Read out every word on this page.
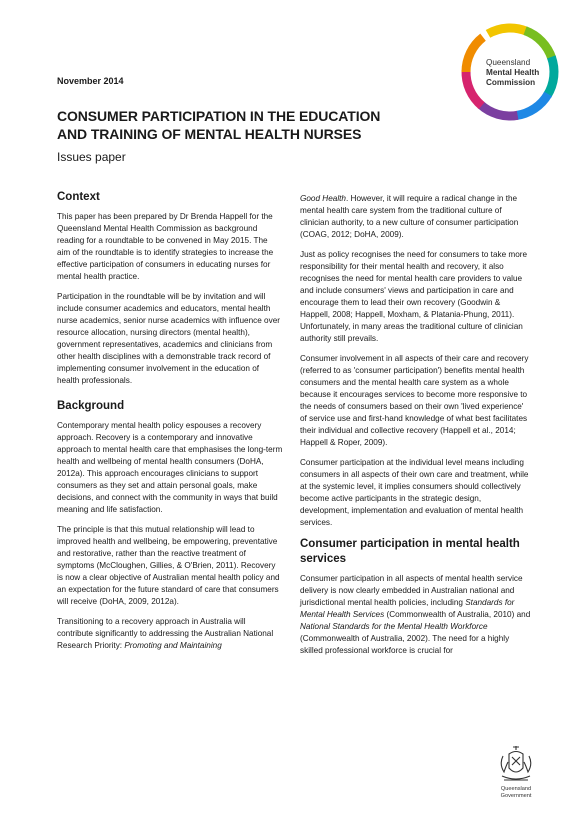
November 2014
CONSUMER PARTICIPATION IN THE EDUCATION
AND TRAINING OF MENTAL HEALTH NURSES
Issues paper
Queensland
Mental Health
Commission
Context

This paper has been prepared by Dr Brenda Happell for the Queensland Mental Health Commission as background reading for a roundtable to be convened in May 2015. The aim of the roundtable is to identify strategies to increase the effective participation of consumers in educating nurses for mental health practice.

Participation in the roundtable will be by invitation and will include consumer academics and educators, mental health nurse academics, senior nurse academics with influence over resource allocation, nursing directors (mental health), government representatives, academics and clinicians from other health disciplines with a demonstrable track record of implementing consumer involvement in the education of health professionals.

Background

Contemporary mental health policy espouses a recovery approach. Recovery is a contemporary and innovative approach to mental health care that emphasises the long-term health and wellbeing of mental health consumers (DoHA, 2012a). This approach encourages clinicians to support consumers as they set and attain personal goals, make decisions, and connect with the community in ways that build meaning and life satisfaction.

The principle is that this mutual relationship will lead to improved health and wellbeing, be empowering, preventative and restorative, rather than the reactive treatment of symptoms (McCloughen, Gillies, & O'Brien, 2011). Recovery is now a clear objective of Australian mental health policy and an expectation for the future standard of care that consumers will receive (DoHA, 2009, 2012a).

Transitioning to a recovery approach in Australia will contribute significantly to addressing the Australian National Research Priority: Promoting and Maintaining

Good Health. However, it will require a radical change in the mental health care system from the traditional culture of clinician authority, to a new culture of consumer participation (COAG, 2012; DoHA, 2009).

Just as policy recognises the need for consumers to take more responsibility for their mental health and recovery, it also recognises the need for mental health care providers to value and include consumers' views and participation in care and encourage them to lead their own recovery (Goodwin & Happell, 2008; Happell, Moxham, & Platania-Phung, 2011). Unfortunately, in many areas the traditional culture of clinician authority still prevails.

Consumer involvement in all aspects of their care and recovery (referred to as 'consumer participation') benefits mental health consumers and the mental health care system as a whole because it encourages services to become more responsive to the needs of consumers based on their own 'lived experience' of service use and first-hand knowledge of what best facilitates their individual and collective recovery (Happell et al., 2014; Happell & Roper, 2009).

Consumer participation at the individual level means including consumers in all aspects of their own care and treatment, while at the systemic level, it implies consumers should collectively become active participants in the strategic design, development, implementation and evaluation of mental health services.

Consumer participation in mental health services

Consumer participation in all aspects of mental health service delivery is now clearly embedded in Australian national and jurisdictional mental health policies, including Standards for Mental Health Services (Commonwealth of Australia, 2010) and National Standards for the Mental Health Workforce (Commonwealth of Australia, 2002). The need for a highly skilled professional workforce is crucial for

Queensland
Government
